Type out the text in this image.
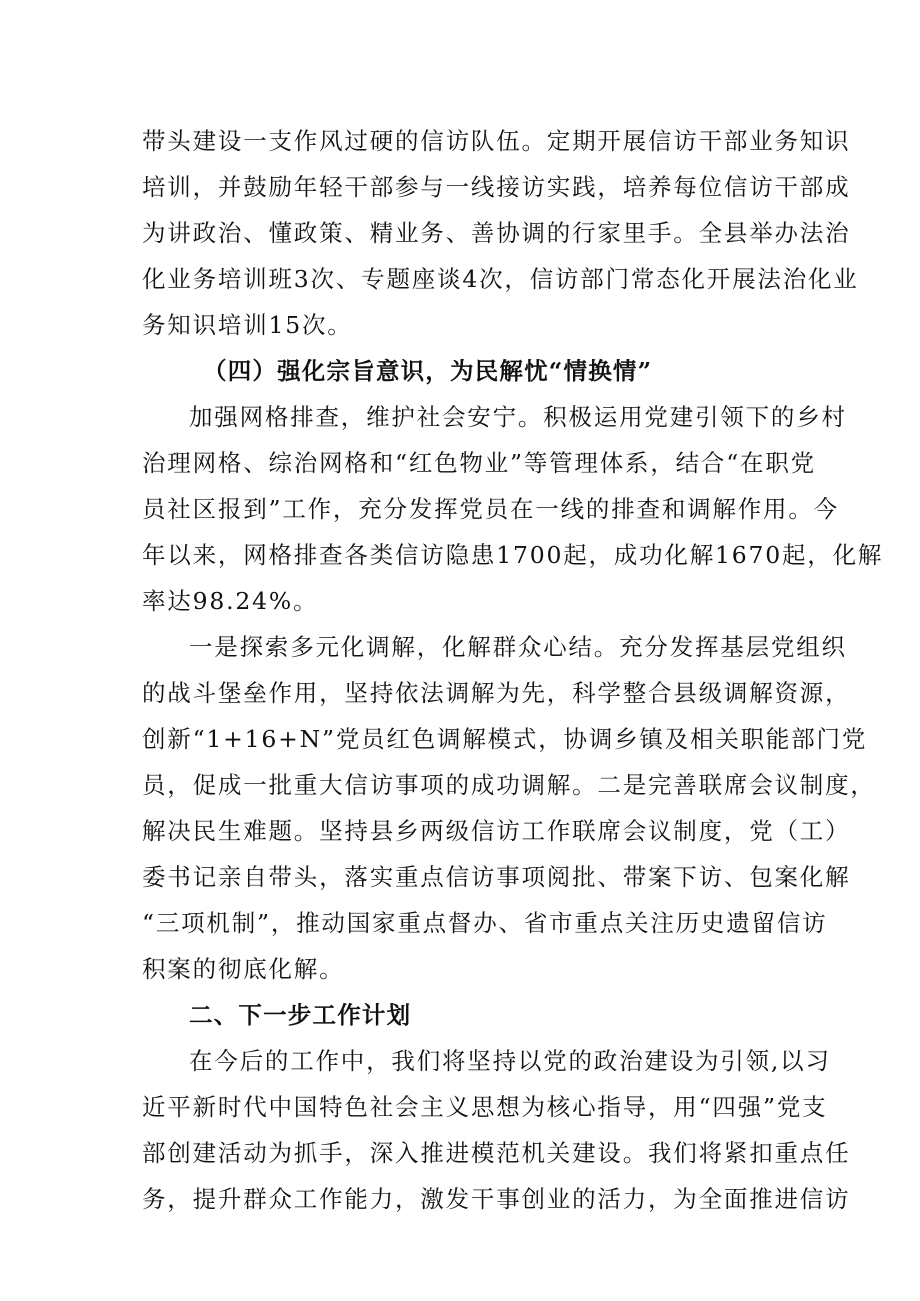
带头建设一支作风过硬的信访队伍。定期开展信访干部业务知识
培训，并鼓励年轻干部参与一线接访实践，培养每位信访干部成
为讲政治、懂政策、精业务、善协调的行家里手。全县举办法治
化业务培训班3次、专题座谈4次，信访部门常态化开展法治化业
务知识培训15次。
（四）强化宗旨意识，为民解忧“情换情”
加强网格排查，维护社会安宁。积极运用党建引领下的乡村
治理网格、综治网格和“红色物业”等管理体系，结合“在职党
员社区报到”工作，充分发挥党员在一线的排查和调解作用。今
年以来，网格排查各类信访隐患1700起，成功化解1670起，化解
率达98.24%。
一是探索多元化调解，化解群众心结。充分发挥基层党组织
的战斗堡垒作用，坚持依法调解为先，科学整合县级调解资源，
创新“1+16+N”党员红色调解模式，协调乡镇及相关职能部门党
员，促成一批重大信访事项的成功调解。二是完善联席会议制度，
解决民生难题。坚持县乡两级信访工作联席会议制度，党（工）
委书记亲自带头，落实重点信访事项阅批、带案下访、包案化解
“三项机制”，推动国家重点督办、省市重点关注历史遗留信访
积案的彻底化解。
二、下一步工作计划
在今后的工作中，我们将坚持以党的政治建设为引领,以习
近平新时代中国特色社会主义思想为核心指导，用“四强”党支
部创建活动为抓手，深入推进模范机关建设。我们将紧扣重点任
务，提升群众工作能力，激发干事创业的活力，为全面推进信访
